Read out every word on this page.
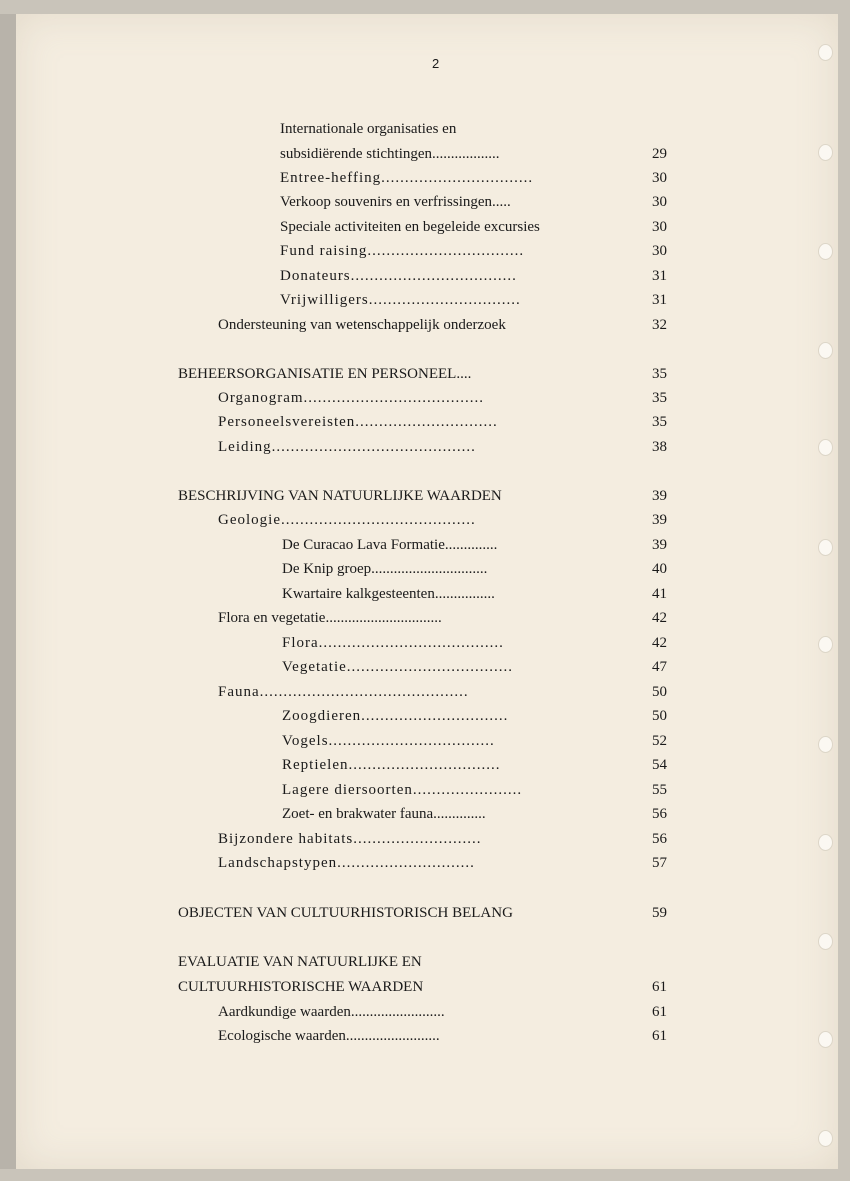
2
Internationale organisaties en
subsidiërende stichtingen..................	29
Entree-heffing................................	30
Verkoop souvenirs en verfrissingen.....	30
Speciale activiteiten en begeleide excursies	30
Fund raising.................................	30
Donateurs...................................	31
Vrijwilligers................................	31
Ondersteuning van wetenschappelijk onderzoek	32
BEHEERSORGANISATIE EN PERSONEEL....	35
Organogram......................................	35
Personeelsvereisten..............................	35
Leiding...........................................	38
BESCHRIJVING VAN NATUURLIJKE WAARDEN	39
Geologie.........................................	39
De Curacao Lava Formatie..............	39
De Knip groep...............................	40
Kwartaire kalkgesteenten................	41
Flora en vegetatie...............................	42
Flora.......................................	42
Vegetatie...................................	47
Fauna............................................	50
Zoogdieren...............................	50
Vogels...................................	52
Reptielen................................	54
Lagere diersoorten.......................	55
Zoet- en brakwater fauna..............	56
Bijzondere habitats...........................	56
Landschapstypen.............................	57
OBJECTEN VAN CULTUURHISTORISCH BELANG	59
EVALUATIE VAN NATUURLIJKE EN
CULTUURHISTORISCHE WAARDEN	61
Aardkundige waarden.........................	61
Ecologische waarden.........................	61
